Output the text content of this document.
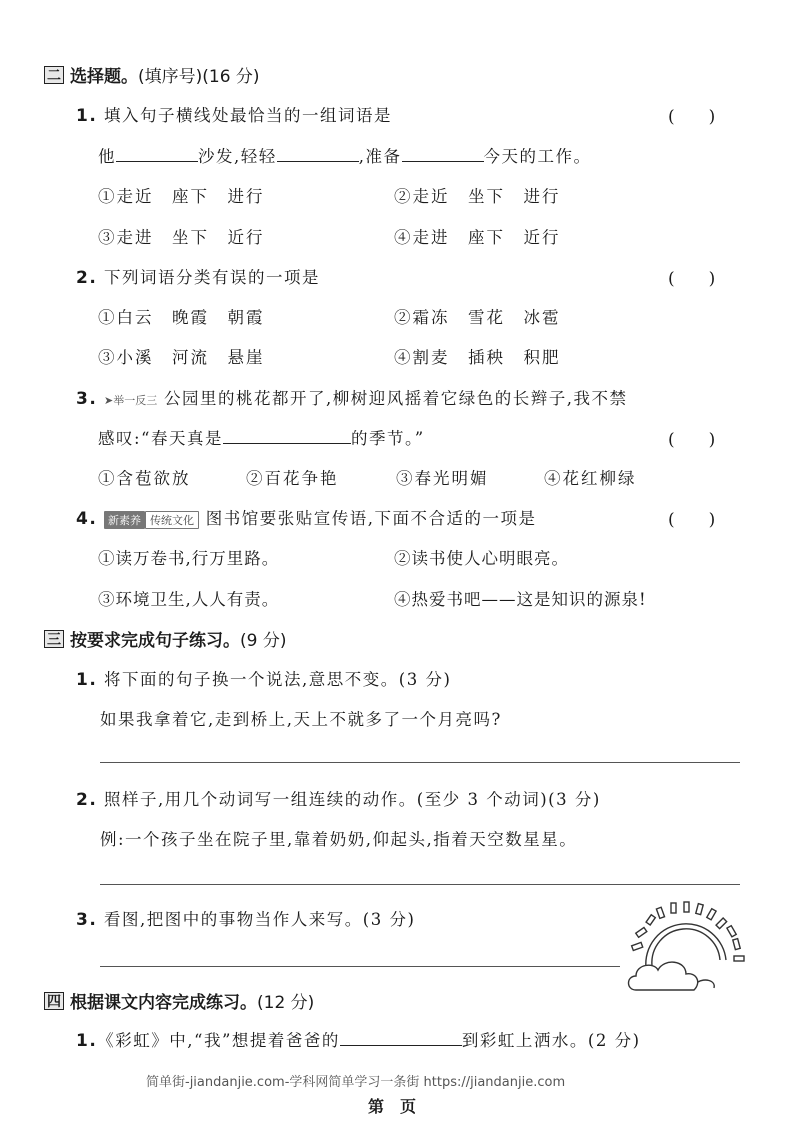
二 选择题。 (填序号)(16 分)
1. 填入句子横线处最恰当的一组词语是	(　　)
他	沙发,轻轻	,准备	今天的工作。
①走近　座下　进行	②走近　坐下　进行
③走进　坐下　近行	④走进　座下　近行
2. 下列词语分类有误的一项是	(　　)
①白云　晚霞　朝霞	②霜冻　雪花　冰雹
③小溪　河流　悬崖	④割麦　插秧　积肥
3. ➤举一反三 公园里的桃花都开了,柳树迎风摇着它绿色的长辫子,我不禁
感叹:“春天真是	的季节。”	(　　)
①含苞欲放	②百花争艳	③春光明媚	④花红柳绿
4. 新素养 传统文化 图书馆要张贴宣传语,下面不合适的一项是	(　　)
①读万卷书,行万里路。	②读书使人心明眼亮。
③环境卫生,人人有责。	④热爱书吧——这是知识的源泉!
三 按要求完成句子练习。 (9 分)
1. 将下面的句子换一个说法,意思不变。(3 分)
如果我拿着它,走到桥上,天上不就多了一个月亮吗?
2. 照样子,用几个动词写一组连续的动作。(至少 3 个动词)(3 分)
例:一个孩子坐在院子里,靠着奶奶,仰起头,指着天空数星星。
3. 看图,把图中的事物当作人来写。(3 分)
四 根据课文内容完成练习。 (12 分)
1.《彩虹》中,“我”想提着爸爸的	到彩虹上洒水。(2 分)
简单街-jiandanjie.com-学科网简单学习一条街 https://jiandanjie.com
第　页
